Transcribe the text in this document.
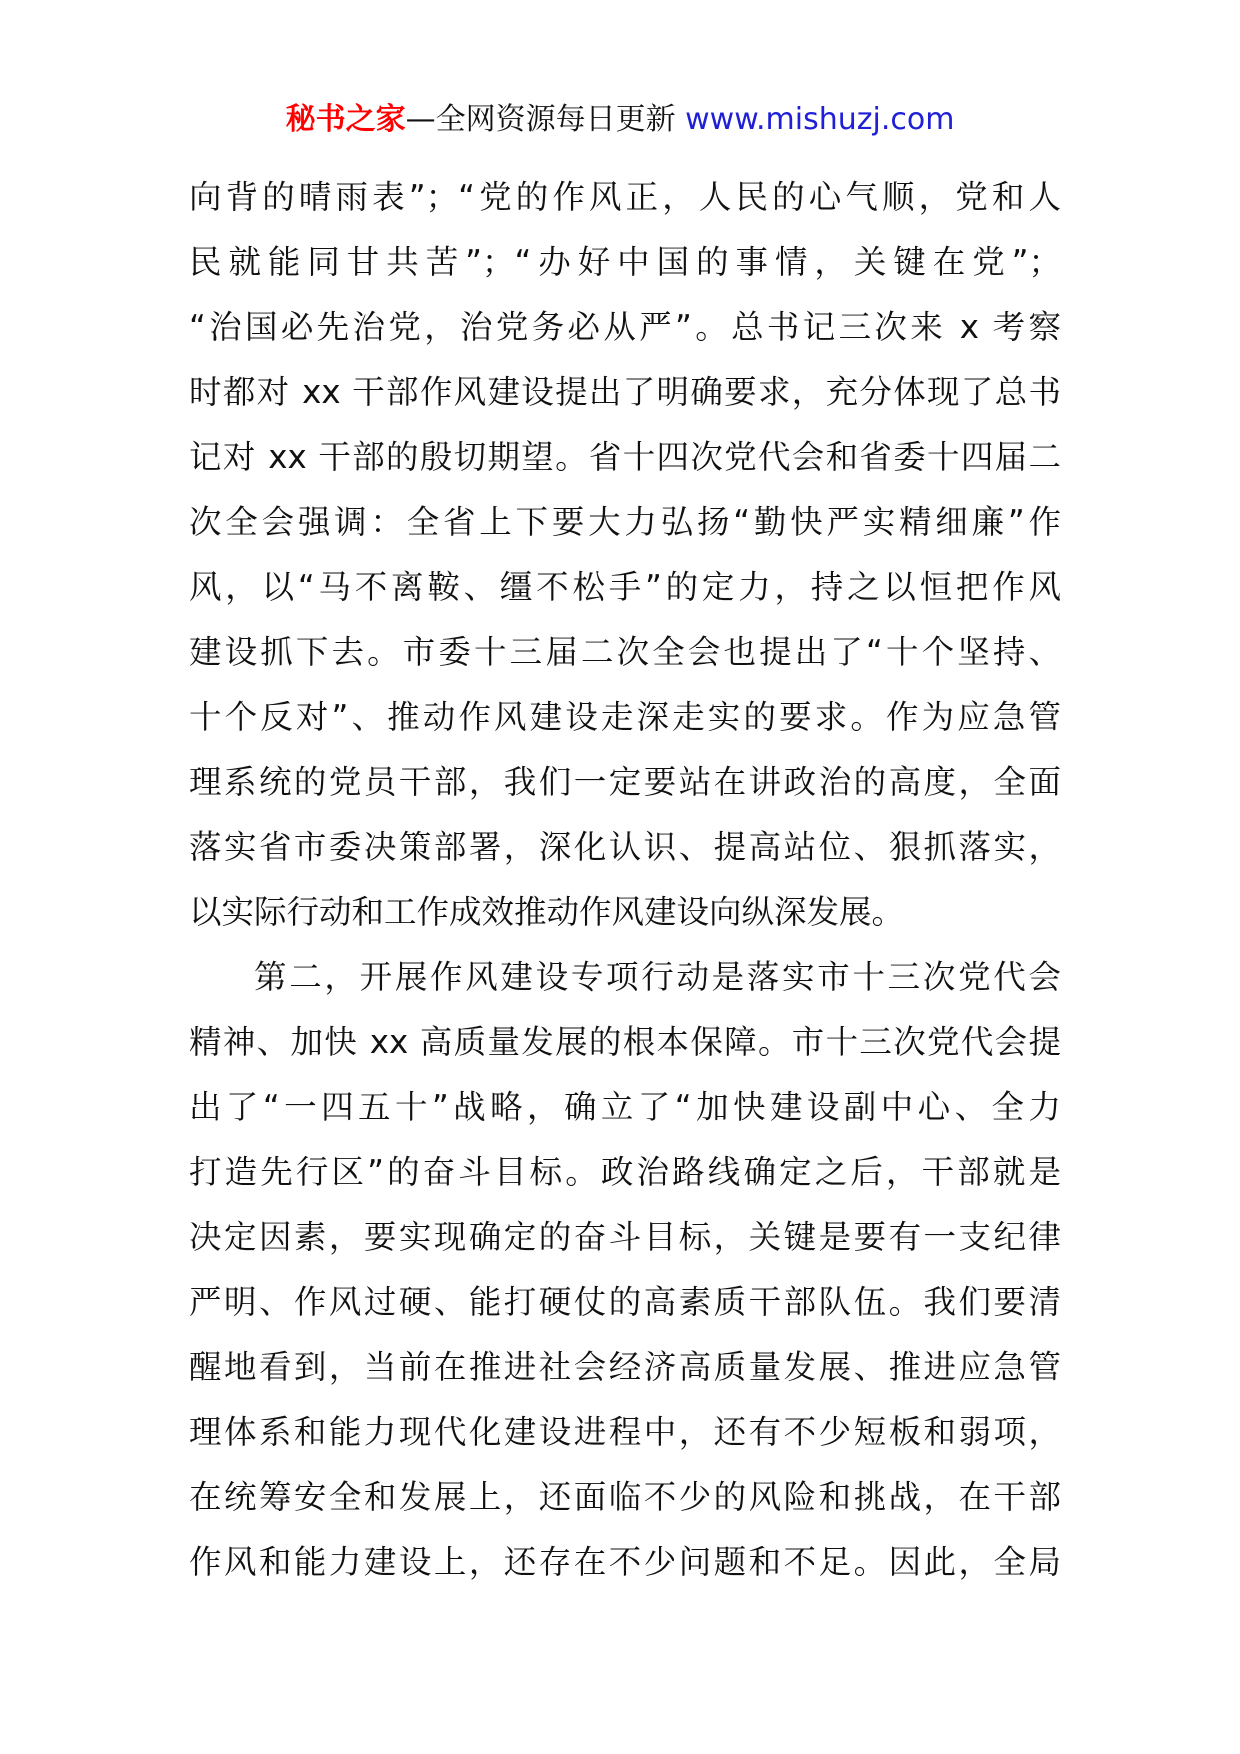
秘书之家—全网资源每日更新 www.mishuzj.com
向背的晴雨表”；“党的作风正，人民的心气顺，党和人
民就能同甘共苦”；“办好中国的事情，关键在党”；
“治国必先治党，治党务必从严”。总书记三次来 x 考察
时都对 xx 干部作风建设提出了明确要求，充分体现了总书
记对 xx 干部的殷切期望。省十四次党代会和省委十四届二
次全会强调：全省上下要大力弘扬“勤快严实精细廉”作
风，以“马不离鞍、缰不松手”的定力，持之以恒把作风
建设抓下去。市委十三届二次全会也提出了“十个坚持、
十个反对”、推动作风建设走深走实的要求。作为应急管
理系统的党员干部，我们一定要站在讲政治的高度，全面
落实省市委决策部署，深化认识、提高站位、狠抓落实，
以实际行动和工作成效推动作风建设向纵深发展。
第二，开展作风建设专项行动是落实市十三次党代会
精神、加快 xx 高质量发展的根本保障。市十三次党代会提
出了“一四五十”战略，确立了“加快建设副中心、全力
打造先行区”的奋斗目标。政治路线确定之后，干部就是
决定因素，要实现确定的奋斗目标，关键是要有一支纪律
严明、作风过硬、能打硬仗的高素质干部队伍。我们要清
醒地看到，当前在推进社会经济高质量发展、推进应急管
理体系和能力现代化建设进程中，还有不少短板和弱项，
在统筹安全和发展上，还面临不少的风险和挑战，在干部
作风和能力建设上，还存在不少问题和不足。因此，全局
